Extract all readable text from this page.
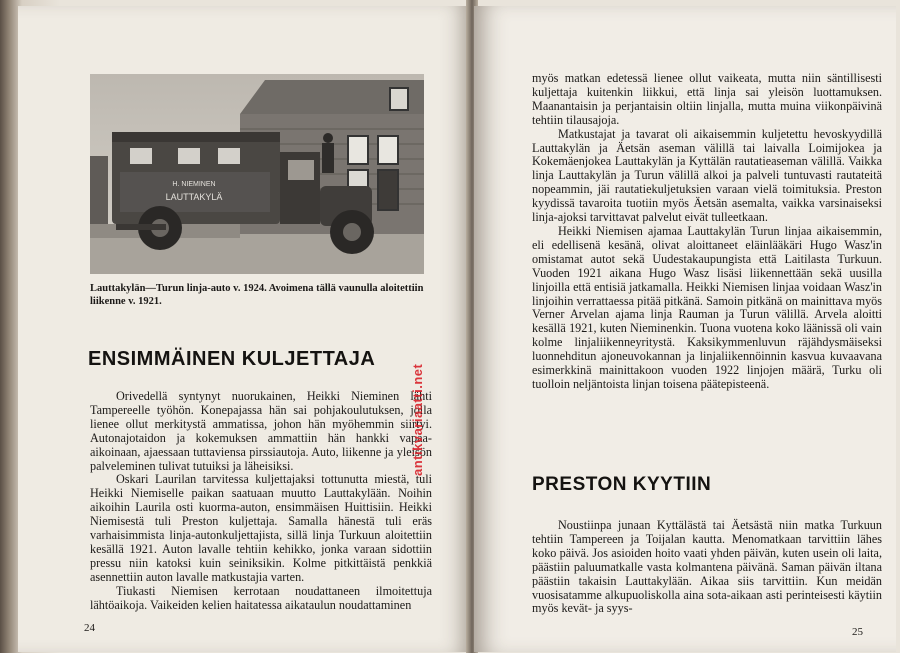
H. NIEMINEN
LAUTTAKYLÄ
Lauttakylän—Turun linja-auto v. 1924. Avoimena tällä vaunulla aloitettiin liikenne v. 1921.
ENSIMMÄINEN KULJETTAJA

Orivedellä syntynyt nuorukainen, Heikki Nieminen lähti Tampereelle työhön. Konepajassa hän sai pohjakoulutuksen, jolla lienee ollut merkitystä ammatissa, johon hän myöhemmin siirtyi. Autonajotaidon ja kokemuksen ammattiin hän hankki vapaa-aikoinaan, ajaessaan tuttaviensa pirssiautoja. Auto, liikenne ja yleisön palveleminen tulivat tutuiksi ja läheisiksi.

Oskari Laurilan tarvitessa kuljettajaksi tottunutta miestä, tuli Heikki Niemiselle paikan saatuaan muutto Lauttakylään. Noihin aikoihin Laurila osti kuorma-auton, ensimmäisen Huittisiin. Heikki Niemisestä tuli Preston kuljettaja. Samalla hänestä tuli eräs varhaisimmista linja-autonkuljettajista, sillä linja Turkuun aloitettiin kesällä 1921. Auton lavalle tehtiin kehikko, jonka varaan sidottiin pressu niin katoksi kuin seiniksikin. Kolme pitkittäistä penkkiä asennettiin auton lavalle matkustajia varten.

Tiukasti Niemisen kerrotaan noudattaneen ilmoitettuja lähtöaikoja. Vaikeiden kelien haitatessa aikataulun noudattaminen

24
antikvariaatti.net

myös matkan edetessä lienee ollut vaikeata, mutta niin säntillisesti kuljettaja kuitenkin liikkui, että linja sai yleisön luottamuksen. Maanantaisin ja perjantaisin oltiin linjalla, mutta muina viikonpäivinä tehtiin tilausajoja.

Matkustajat ja tavarat oli aikaisemmin kuljetettu hevoskyydillä Lauttakylän ja Äetsän aseman välillä tai laivalla Loimijokea ja Kokemäenjokea Lauttakylän ja Kyttälän rautatieaseman välillä. Vaikka linja Lauttakylän ja Turun välillä alkoi ja palveli tuntuvasti rautateitä nopeammin, jäi rautatiekuljetuksien varaan vielä toimituksia. Preston kyydissä tavaroita tuotiin myös Äetsän asemalta, vaikka varsinaiseksi linja-ajoksi tarvittavat palvelut eivät tulleetkaan.

Heikki Niemisen ajamaa Lauttakylän Turun linjaa aikaisemmin, eli edellisenä kesänä, olivat aloittaneet eläinlääkäri Hugo Wasz'in omistamat autot sekä Uudestakaupungista että Laitilasta Turkuun. Vuoden 1921 aikana Hugo Wasz lisäsi liikennettään sekä uusilla linjoilla että entisiä jatkamalla. Heikki Niemisen linjaa voidaan Wasz'in linjoihin verrattaessa pitää pitkänä. Samoin pitkänä on mainittava myös Verner Arvelan ajama linja Rauman ja Turun välillä. Arvela aloitti kesällä 1921, kuten Nieminenkin. Tuona vuotena koko läänissä oli vain kolme linjaliikenneyritystä. Kaksikymmenluvun räjähdysmäiseksi luonnehditun ajoneuvokannan ja linjaliikennöinnin kasvua kuvaavana esimerkkinä mainittakoon vuoden 1922 linjojen määrä, Turku oli tuolloin neljäntoista linjan toisena päätepisteenä.

PRESTON KYYTIIN

Noustiinpa junaan Kyttälästä tai Äetsästä niin matka Turkuun tehtiin Tampereen ja Toijalan kautta. Menomatkaan tarvittiin lähes koko päivä. Jos asioiden hoito vaati yhden päivän, kuten usein oli laita, päästiin paluumatkalle vasta kolmantena päivänä. Saman päivän iltana päästiin takaisin Lauttakylään. Aikaa siis tarvittiin. Kun meidän vuosisatamme alkupuoliskolla aina sota-aikaan asti perinteisesti käytiin myös kevät- ja syys-

25
